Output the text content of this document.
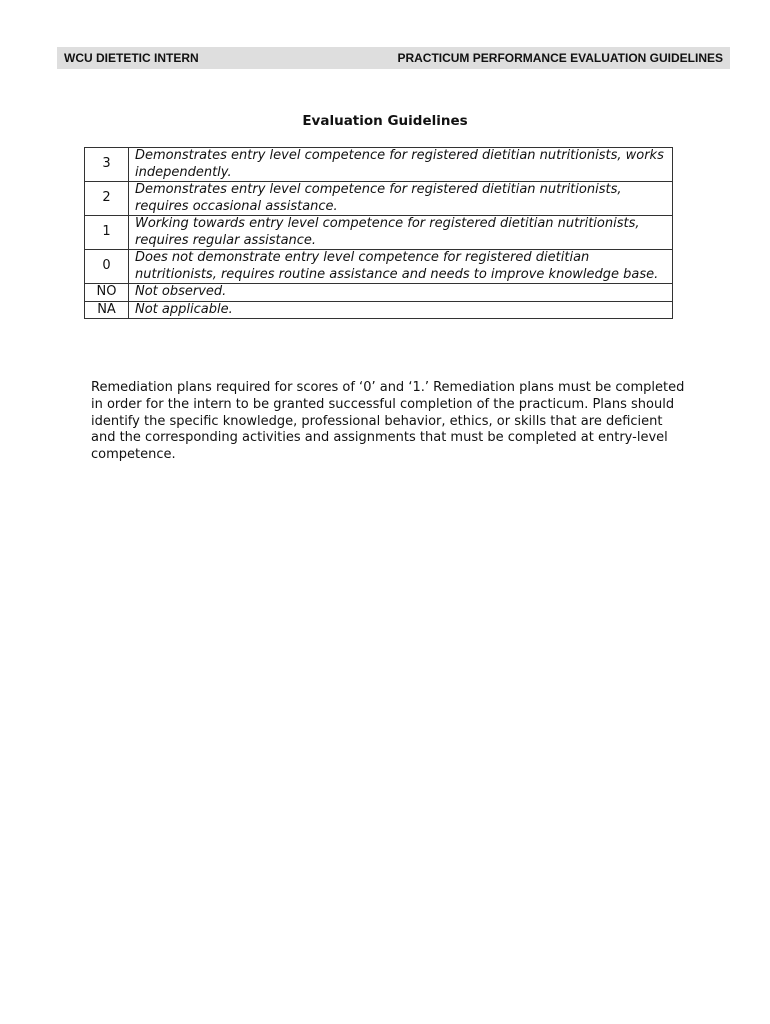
WCU DIETETIC INTERN	PRACTICUM PERFORMANCE EVALUATION GUIDELINES
Evaluation Guidelines
3	Demonstrates entry level competence for registered dietitian nutritionists, works independently.
2	Demonstrates entry level competence for registered dietitian nutritionists, requires occasional assistance.
1	Working towards entry level competence for registered dietitian nutritionists, requires regular assistance.
0	Does not demonstrate entry level competence for registered dietitian nutritionists, requires routine assistance and needs to improve knowledge base.
NO	Not observed.
NA	Not applicable.

Remediation plans required for scores of ‘0’ and ‘1.’ Remediation plans must be completed in order for the intern to be granted successful completion of the practicum. Plans should identify the specific knowledge, professional behavior, ethics, or skills that are deficient and the corresponding activities and assignments that must be completed at entry-level competence.
